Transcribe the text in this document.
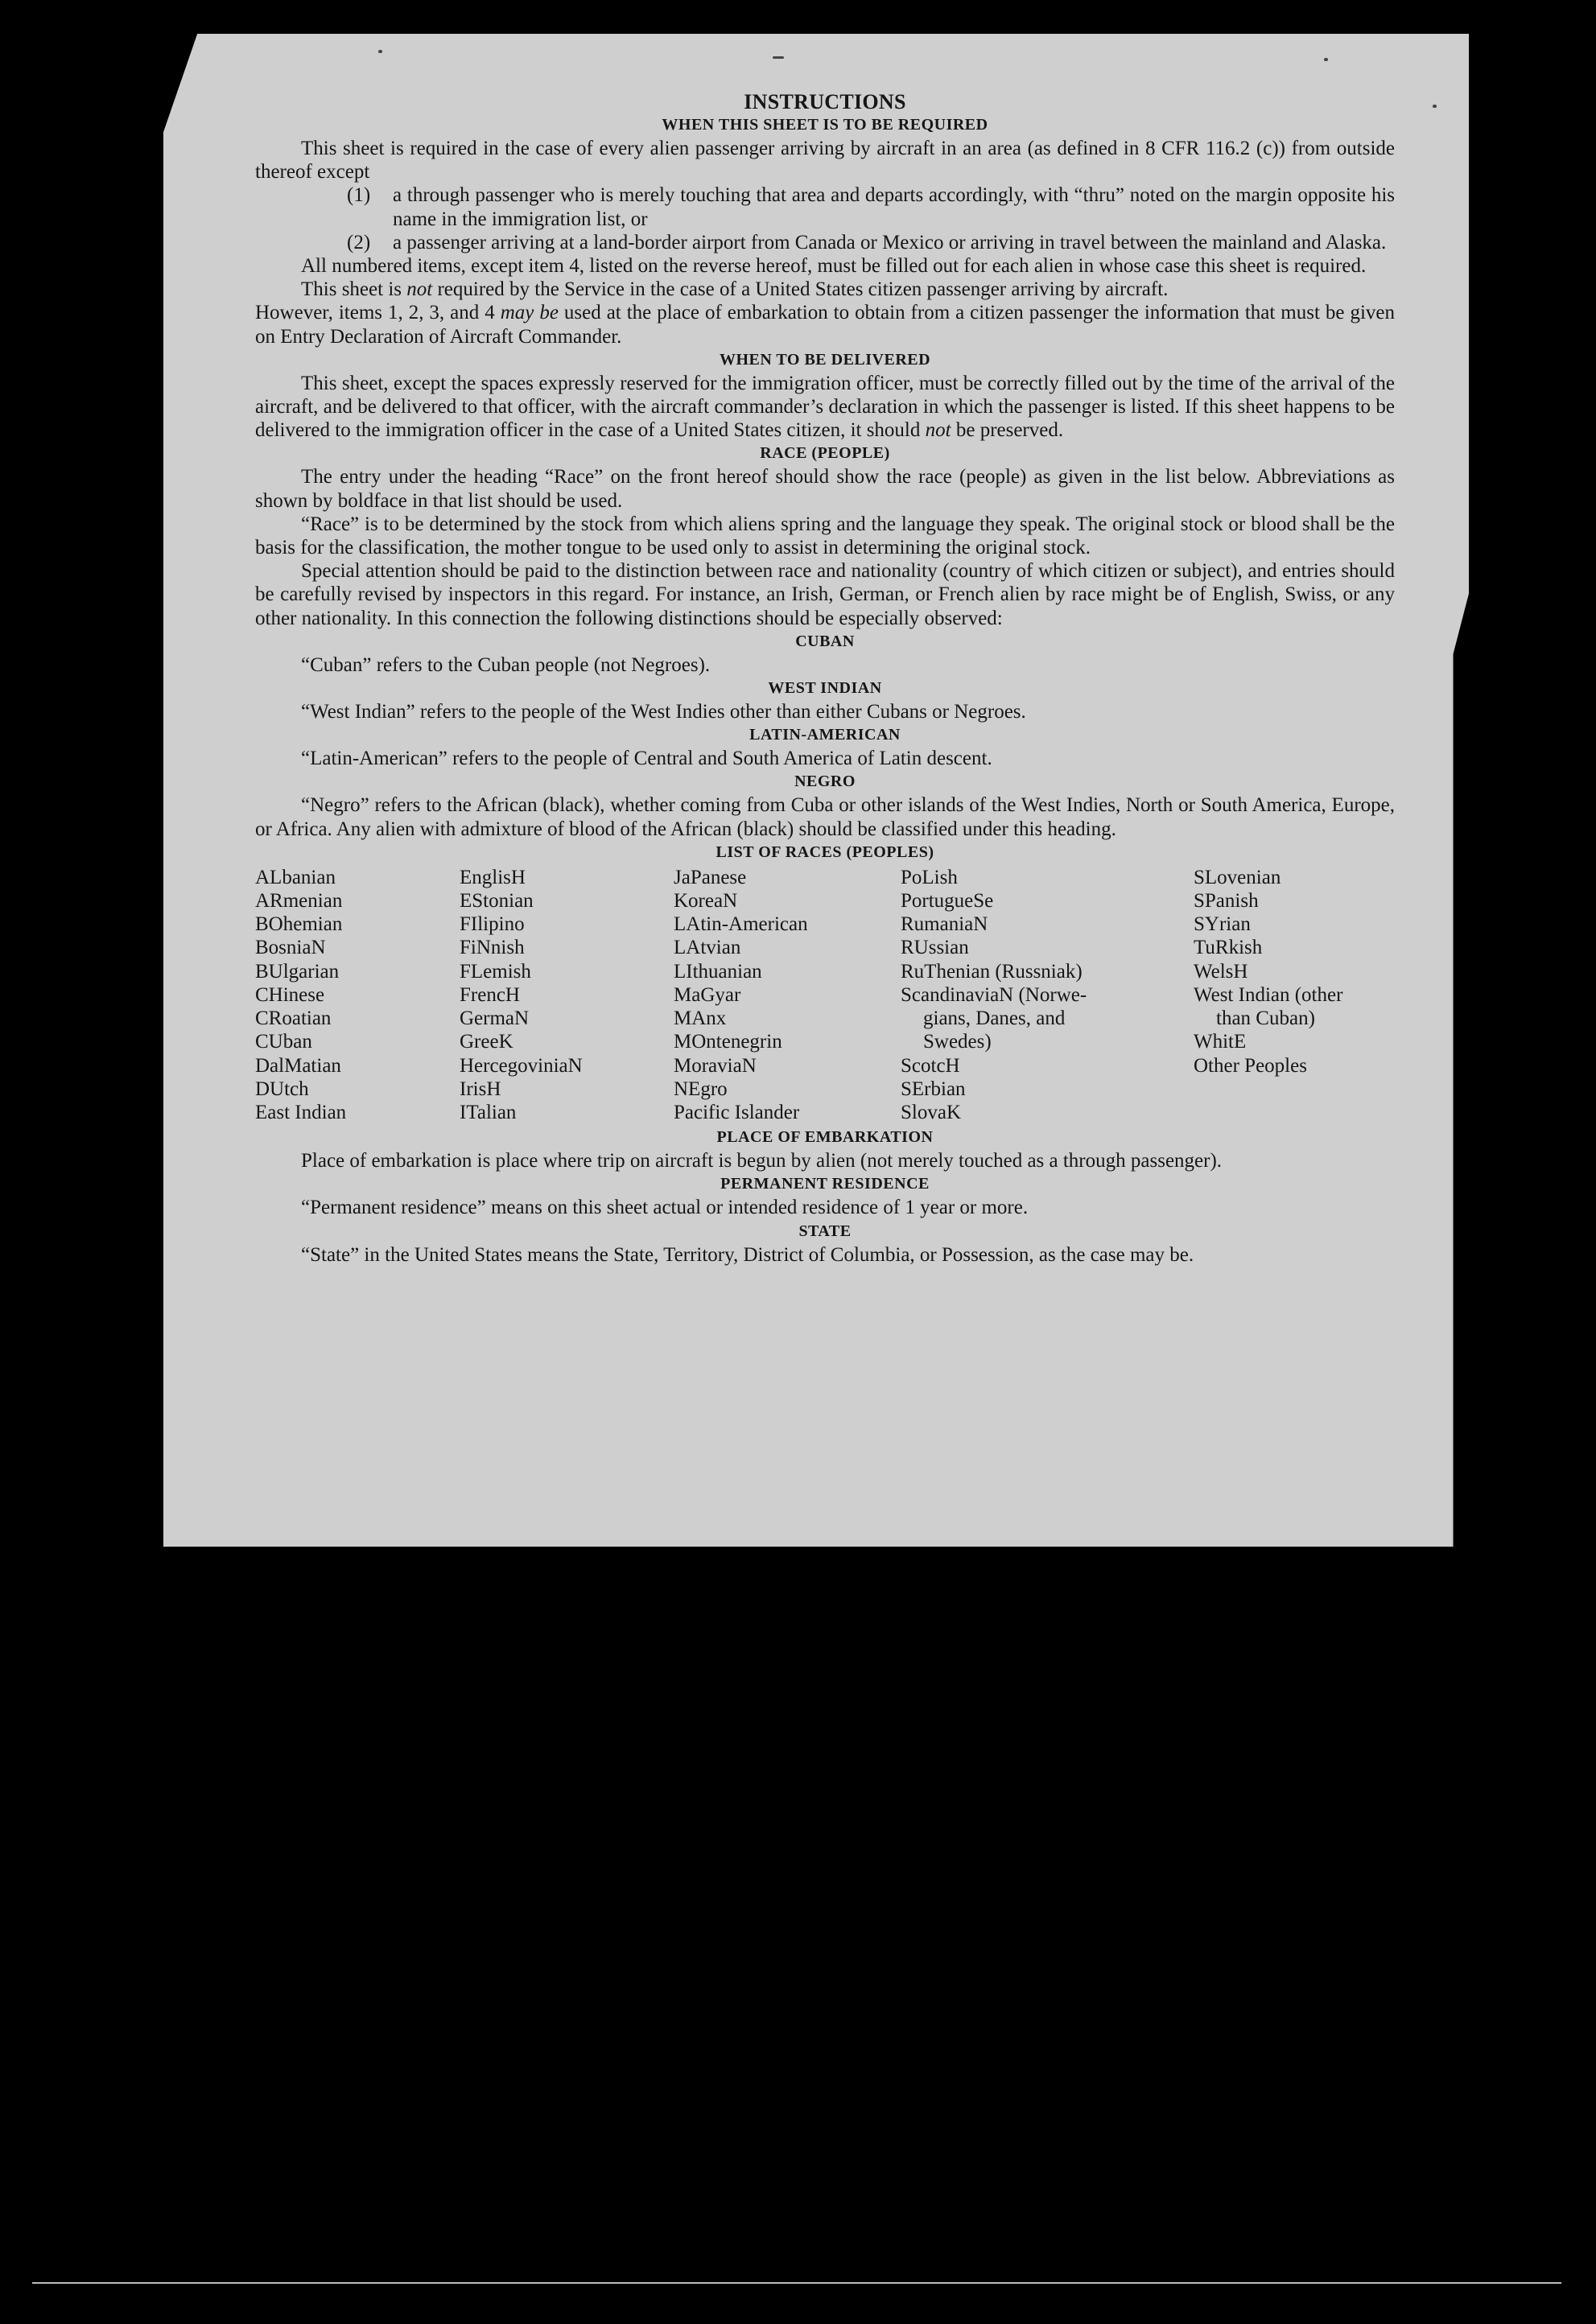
INSTRUCTIONS
WHEN THIS SHEET IS TO BE REQUIRED

This sheet is required in the case of every alien passenger arriving by aircraft in an area (as defined in 8 CFR 116.2 (c)) from outside thereof except

(1) a through passenger who is merely touching that area and departs accordingly, with “thru” noted on the margin opposite his name in the immigration list, or
(2) a passenger arriving at a land-border airport from Canada or Mexico or arriving in travel between the mainland and Alaska.

All numbered items, except item 4, listed on the reverse hereof, must be filled out for each alien in whose case this sheet is required.

This sheet is not required by the Service in the case of a United States citizen passenger arriving by aircraft.

However, items 1, 2, 3, and 4 may be used at the place of embarkation to obtain from a citizen passenger the information that must be given on Entry Declaration of Aircraft Commander.

WHEN TO BE DELIVERED

This sheet, except the spaces expressly reserved for the immigration officer, must be correctly filled out by the time of the arrival of the aircraft, and be delivered to that officer, with the aircraft commander’s declaration in which the passenger is listed. If this sheet happens to be delivered to the immigration officer in the case of a United States citizen, it should not be preserved.

RACE (PEOPLE)

The entry under the heading “Race” on the front hereof should show the race (people) as given in the list below. Abbreviations as shown by boldface in that list should be used.

“Race” is to be determined by the stock from which aliens spring and the language they speak. The original stock or blood shall be the basis for the classification, the mother tongue to be used only to assist in determining the original stock.

Special attention should be paid to the distinction between race and nationality (country of which citizen or subject), and entries should be carefully revised by inspectors in this regard. For instance, an Irish, German, or French alien by race might be of English, Swiss, or any other nationality. In this connection the following distinctions should be especially observed:

CUBAN

“Cuban” refers to the Cuban people (not Negroes).

WEST INDIAN

“West Indian” refers to the people of the West Indies other than either Cubans or Negroes.

LATIN-AMERICAN

“Latin-American” refers to the people of Central and South America of Latin descent.

NEGRO

“Negro” refers to the African (black), whether coming from Cuba or other islands of the West Indies, North or South America, Europe, or Africa. Any alien with admixture of blood of the African (black) should be classified under this heading.

LIST OF RACES (PEOPLES)
ALbanian
ARmenian
BOhemian
BosniaN
BUlgarian
CHinese
CRoatian
CUban
DalMatian
DUtch
East Indian
EnglisH
EStonian
FIlipino
FiNnish
FLemish
FrencH
GermaN
GreeK
HercegoviniaN
IrisH
ITalian
JaPanese
KoreaN
LAtin-American
LAtvian
LIthuanian
MaGyar
MAnx
MOntenegrin
MoraviaN
NEgro
Pacific Islander
PoLish
PortugueSe
RumaniaN
RUssian
RuThenian (Russniak)
ScandinaviaN (Norwe-
gians, Danes, and
Swedes)
ScotcH
SErbian
SlovaK
SLovenian
SPanish
SYrian
TuRkish
WelsH
West Indian (other
than Cuban)
WhitE
Other Peoples
PLACE OF EMBARKATION

Place of embarkation is place where trip on aircraft is begun by alien (not merely touched as a through passenger).

PERMANENT RESIDENCE

“Permanent residence” means on this sheet actual or intended residence of 1 year or more.

STATE

“State” in the United States means the State, Territory, District of Columbia, or Possession, as the case may be.
